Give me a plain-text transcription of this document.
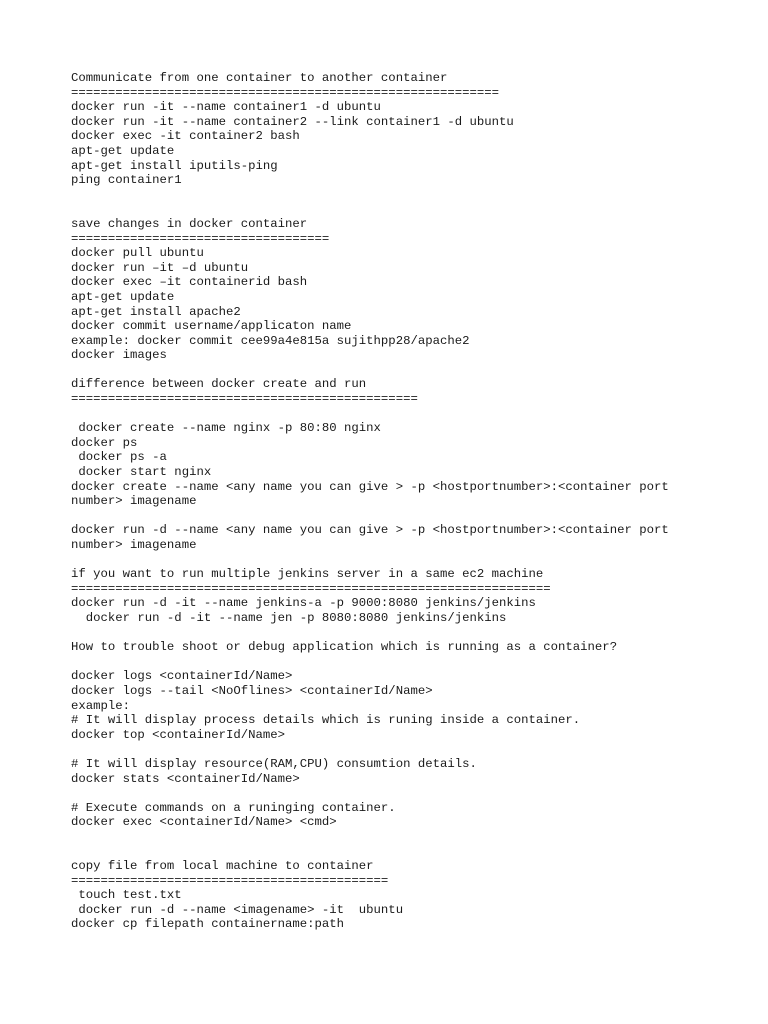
Communicate from one container to another container
==========================================================
docker run -it --name container1 -d ubuntu
docker run -it --name container2 --link container1 -d ubuntu
docker exec -it container2 bash
apt-get update
apt-get install iputils-ping
ping container1
save changes in docker container
===================================
docker pull ubuntu
docker run –it –d ubuntu
docker exec –it containerid bash
apt-get update
apt-get install apache2
docker commit username/applicaton name
example: docker commit cee99a4e815a sujithpp28/apache2
docker images
difference between docker create and run
===============================================
docker create --name nginx -p 80:80 nginx
docker ps
docker ps -a
docker start nginx
docker create --name <any name you can give > -p <hostportnumber>:<container port
number> imagename
docker run -d --name <any name you can give > -p <hostportnumber>:<container port
number> imagename
if you want to run multiple jenkins server in a same ec2 machine
=================================================================
docker run -d -it --name jenkins-a -p 9000:8080 jenkins/jenkins
docker run -d -it --name jen -p 8080:8080 jenkins/jenkins
How to trouble shoot or debug application which is running as a container?
docker logs <containerId/Name>
docker logs --tail <NoOflines> <containerId/Name>
example:
# It will display process details which is runing inside a container.
docker top <containerId/Name>
# It will display resource(RAM,CPU) consumtion details.
docker stats <containerId/Name>
# Execute commands on a runinging container.
docker exec <containerId/Name> <cmd>
copy file from local machine to container
===========================================
touch test.txt
docker run -d --name <imagename> -it  ubuntu
docker cp filepath containername:path
